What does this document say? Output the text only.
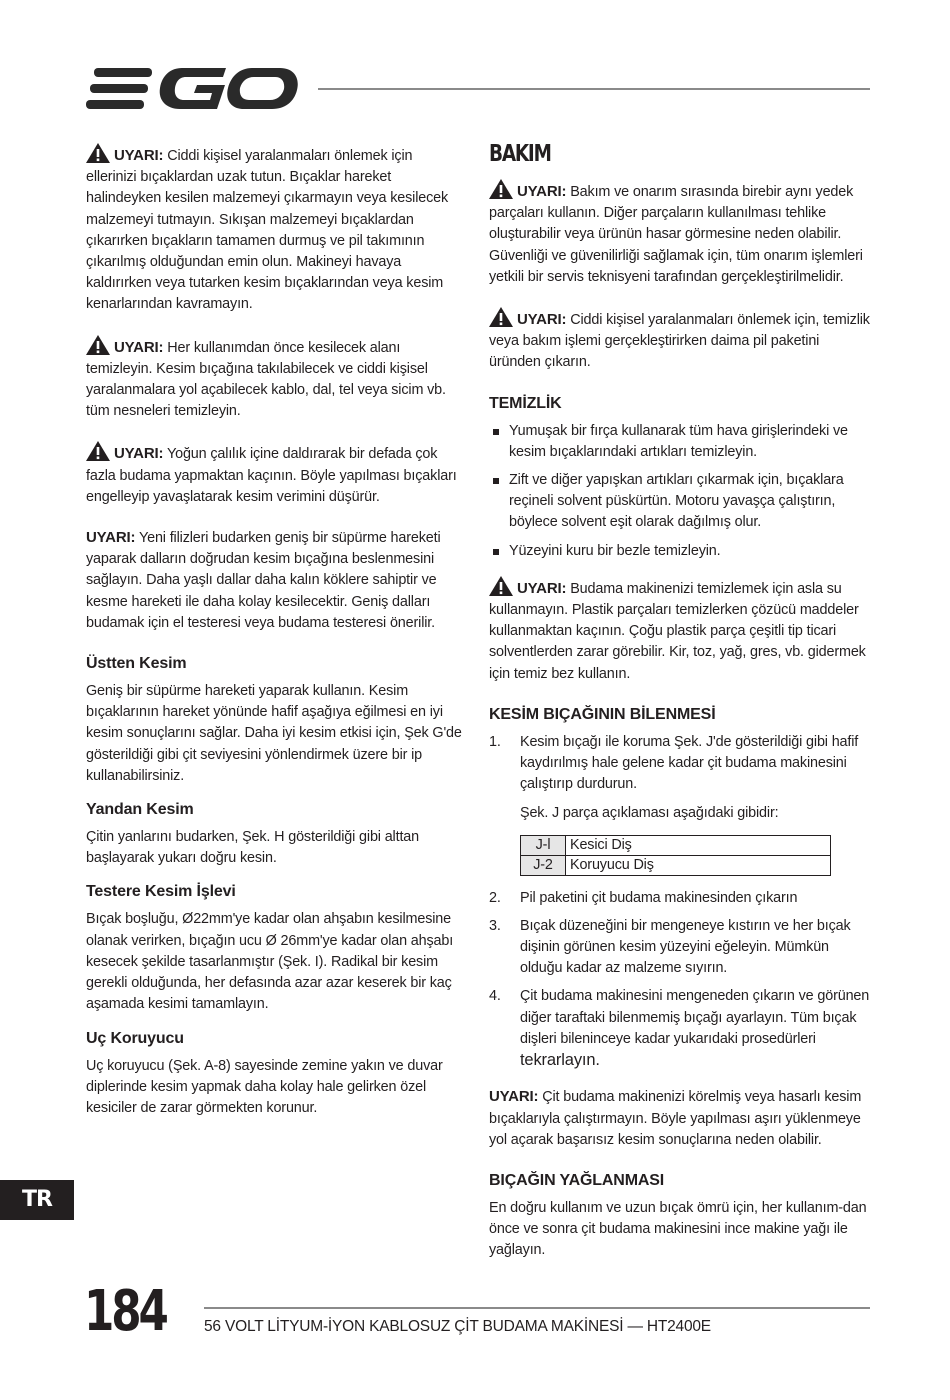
UYARI: Ciddi kişisel yaralanmaları önlemek için ellerinizi bıçaklardan uzak tutun. Bıçaklar hareket halindeyken kesilen malzemeyi çıkarmayın veya kesilecek malzemeyi tutmayın. Sıkışan malzemeyi bıçaklardan çıkarırken bıçakların tamamen durmuş ve pil takımının çıkarılmış olduğundan emin olun. Makineyi havaya kaldırırken veya tutarken kesim bıçaklarından veya kesim kenarlarından kavramayın.

UYARI: Her kullanımdan önce kesilecek alanı temizleyin. Kesim bıçağına takılabilecek ve ciddi kişisel yaralanmalara yol açabilecek kablo, dal, tel veya sicim vb. tüm nesneleri temizleyin.

UYARI: Yoğun çalılık içine daldırarak bir defada çok fazla budama yapmaktan kaçının. Böyle yapılması bıçakları engelleyip yavaşlatarak kesim verimini düşürür.

UYARI: Yeni filizleri budarken geniş bir süpürme hareketi yaparak dalların doğrudan kesim bıçağına beslenmesini sağlayın. Daha yaşlı dallar daha kalın köklere sahiptir ve kesme hareketi ile daha kolay kesilecektir. Geniş dalları budamak için el testeresi veya budama testeresi önerilir.

Üstten Kesim

Geniş bir süpürme hareketi yaparak kullanın. Kesim bıçaklarının hareket yönünde hafif aşağıya eğilmesi en iyi kesim sonuçlarını sağlar. Daha iyi kesim etkisi için, Şek G'de gösterildiği gibi çit seviyesini yönlendirmek üzere bir ip kullanabilirsiniz.

Yandan Kesim

Çitin yanlarını budarken, Şek. H gösterildiği gibi alttan başlayarak yukarı doğru kesin.

Testere Kesim İşlevi

Bıçak boşluğu, Ø22mm'ye kadar olan ahşabın kesilmesine olanak verirken, bıçağın ucu Ø 26mm'ye kadar olan ahşabı kesecek şekilde tasarlanmıştır (Şek. I). Radikal bir kesim gerekli olduğunda, her defasında azar azar keserek bir kaç aşamada kesimi tamamlayın.

Uç Koruyucu

Uç koruyucu (Şek. A-8) sayesinde zemine yakın ve duvar diplerinde kesim yapmak daha kolay hale gelirken özel kesiciler de zarar görmekten korunur.

BAKIM

UYARI: Bakım ve onarım sırasında birebir aynı yedek parçaları kullanın. Diğer parçaların kullanılması tehlike oluşturabilir veya ürünün hasar görmesine neden olabilir. Güvenliği ve güvenilirliği sağlamak için, tüm onarım işlemleri yetkili bir servis teknisyeni tarafından gerçekleştirilmelidir.

UYARI: Ciddi kişisel yaralanmaları önlemek için, temizlik veya bakım işlemi gerçekleştirirken daima pil paketini üründen çıkarın.

TEMİZLİK
Yumuşak bir fırça kullanarak tüm hava girişlerindeki ve kesim bıçaklarındaki artıkları temizleyin.
Zift ve diğer yapışkan artıkları çıkarmak için, bıçaklara reçineli solvent püskürtün. Motoru yavaşça çalıştırın, böylece solvent eşit olarak dağılmış olur.
Yüzeyini kuru bir bezle temizleyin.

UYARI: Budama makinenizi temizlemek için asla su kullanmayın. Plastik parçaları temizlerken çözücü maddeler kullanmaktan kaçının. Çoğu plastik parça çeşitli tip ticari solventlerden zarar görebilir. Kir, toz, yağ, gres, vb. gidermek için temiz bez kullanın.

KESİM BIÇAĞININ BİLENMESİ
1. Kesim bıçağı ile koruma Şek. J'de gösterildiği gibi hafif kaydırılmış hale gelene kadar çit budama makinesini çalıştırıp durdurun.
Şek. J parça açıklaması aşağıdaki gibidir:
J-l	Kesici Diş
J-2	Koruyucu Diş
2. Pil paketini çit budama makinesinden çıkarın
3. Bıçak düzeneğini bir mengeneye kıstırın ve her bıçak dişinin görünen kesim yüzeyini eğeleyin. Mümkün olduğu kadar az malzeme sıyırın.
4. Çit budama makinesini mengeneden çıkarın ve görünen diğer taraftaki bilenmemiş bıçağı ayarlayın. Tüm bıçak dişleri bileninceye kadar yukarıdaki prosedürleri tekrarlayın.

UYARI: Çit budama makinenizi körelmiş veya hasarlı kesim bıçaklarıyla çalıştırmayın. Böyle yapılması aşırı yüklenmeye yol açarak başarısız kesim sonuçlarına neden olabilir.

BIÇAĞIN YAĞLANMASI

En doğru kullanım ve uzun bıçak ömrü için, her kullanım-dan önce ve sonra çit budama makinesini ince makine yağı ile yağlayın.

TR
184 56 VOLT LİTYUM-İYON KABLOSUZ ÇİT BUDAMA MAKİNESİ — HT2400E
